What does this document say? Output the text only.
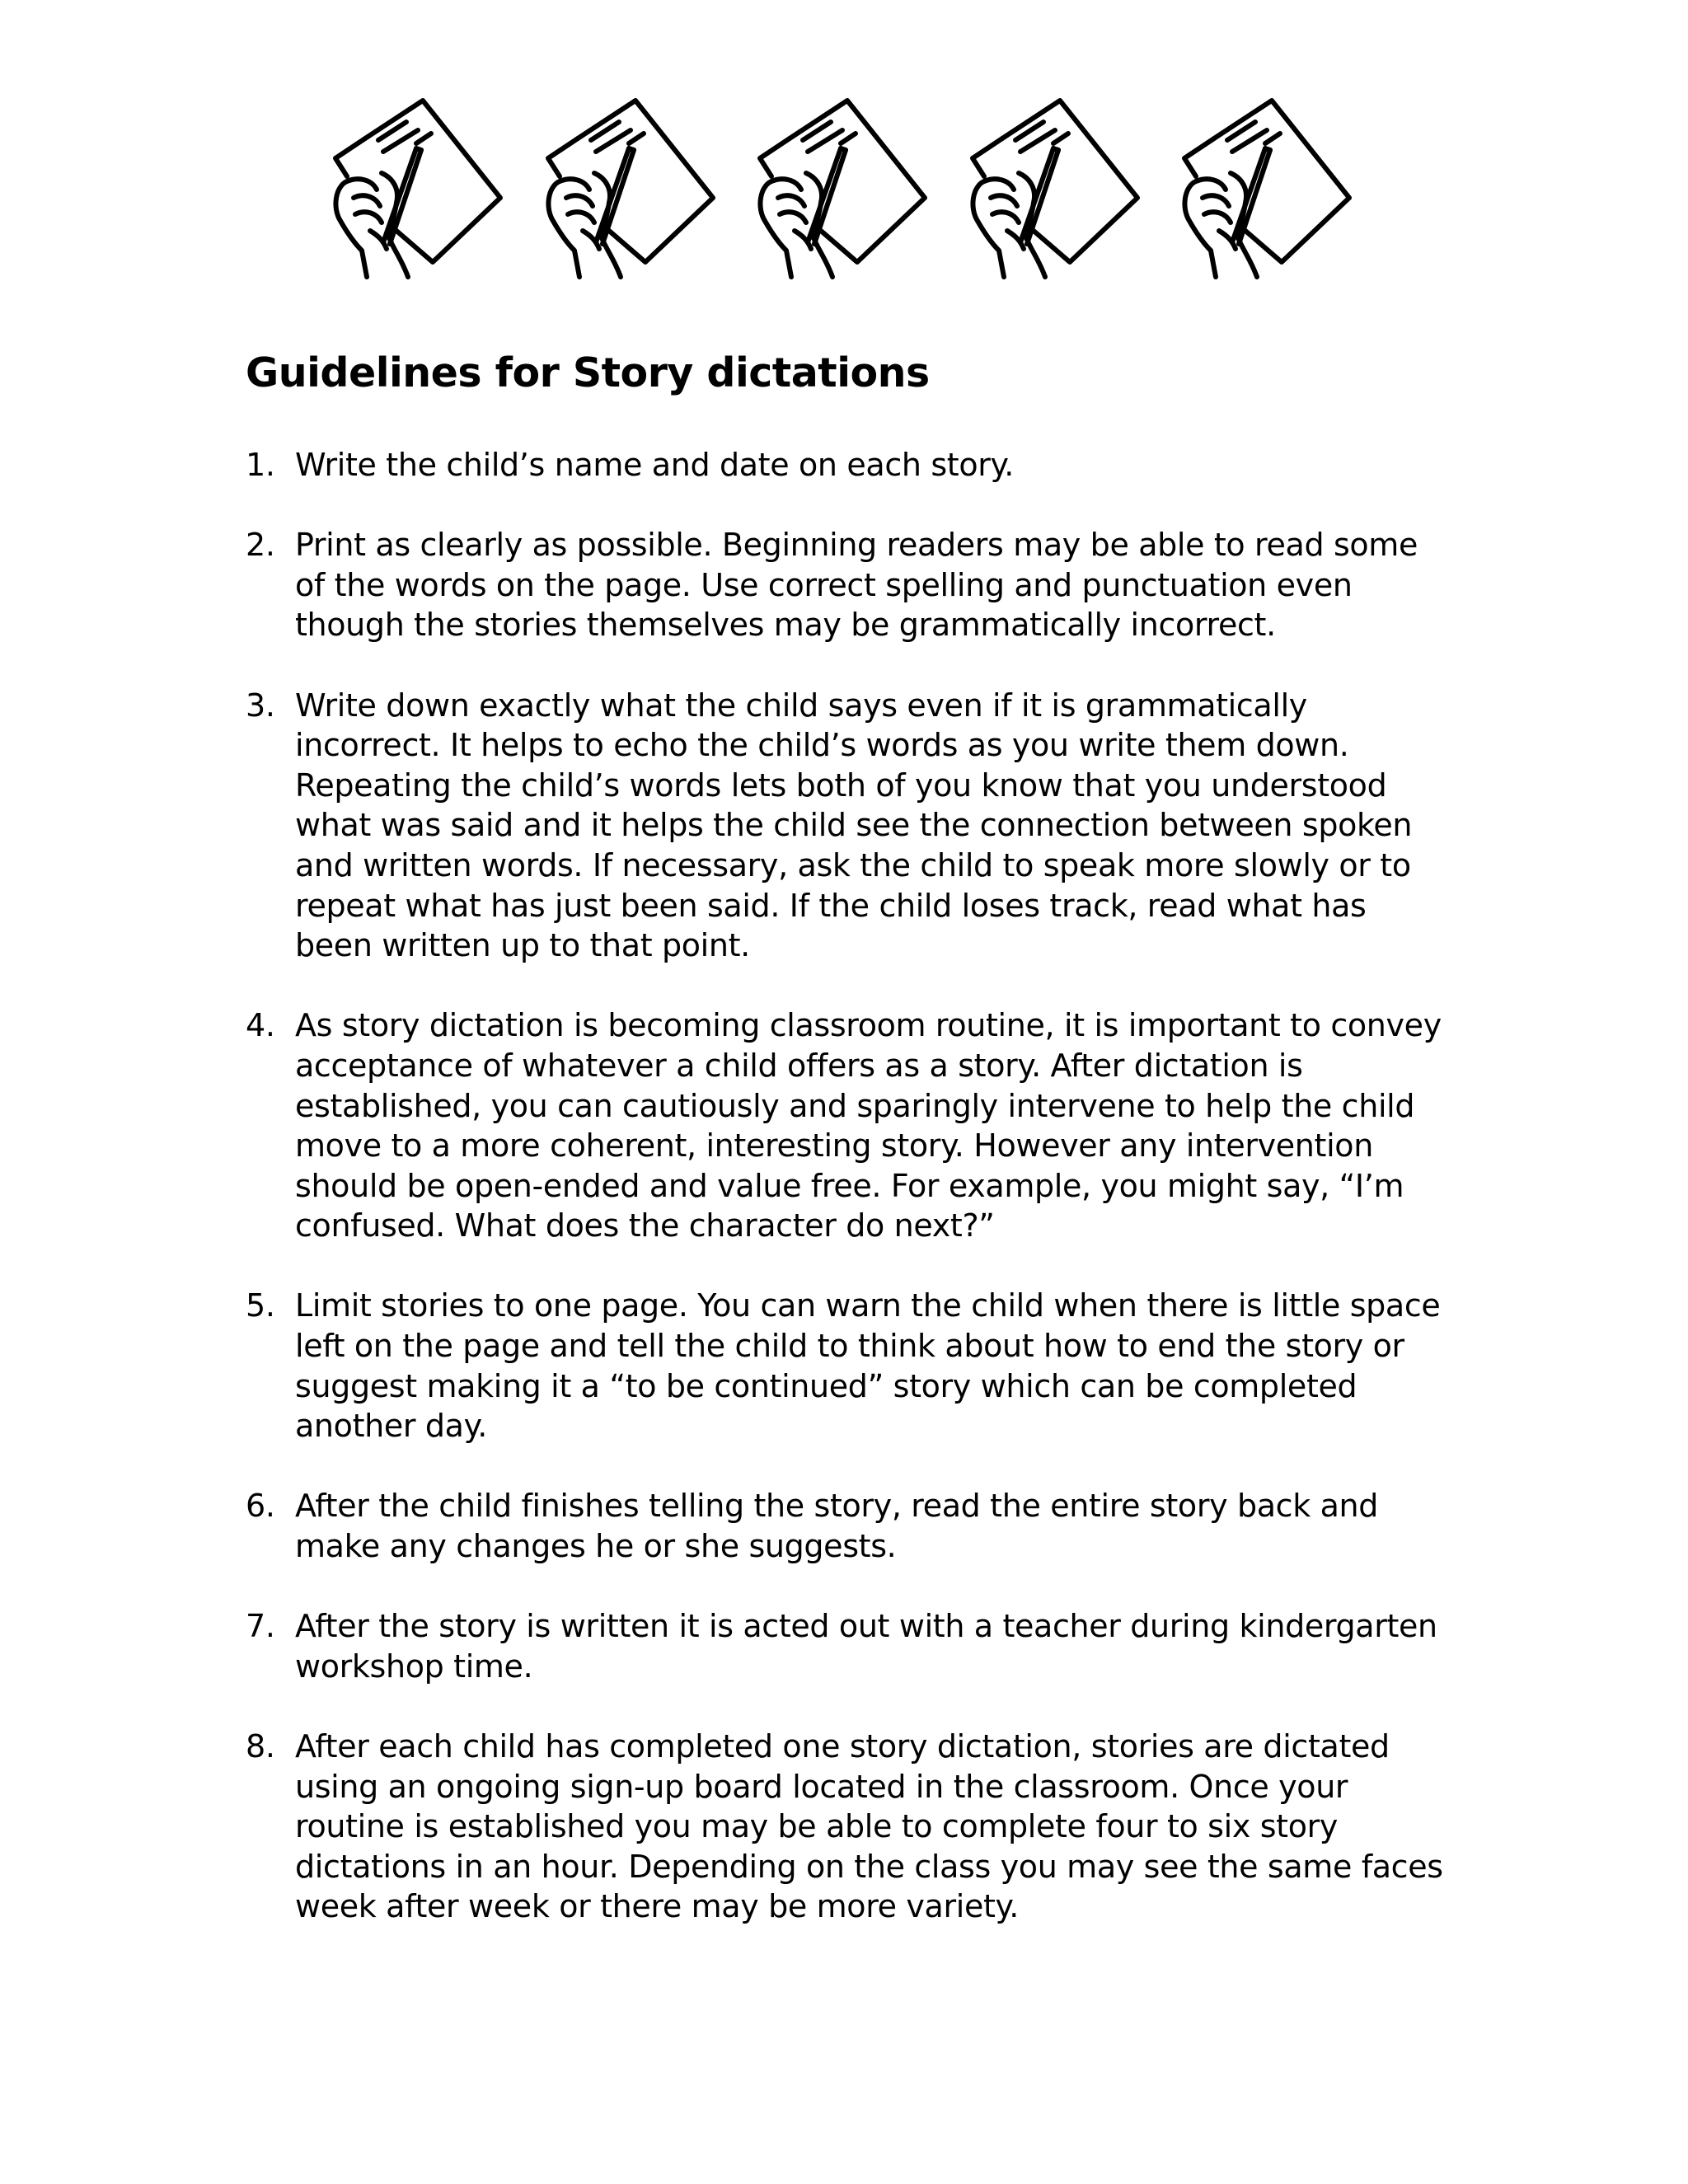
Guidelines for Story dictations
1. Write the child’s name and date on each story.
2. Print as clearly as possible. Beginning readers may be able to read some of the words on the page. Use correct spelling and punctuation even though the stories themselves may be grammatically incorrect.
3. Write down exactly what the child says even if it is grammatically incorrect. It helps to echo the child’s words as you write them down. Repeating the child’s words lets both of you know that you understood what was said and it helps the child see the connection between spoken and written words. If necessary, ask the child to speak more slowly or to repeat what has just been said. If the child loses track, read what has been written up to that point.
4. As story dictation is becoming classroom routine, it is important to convey acceptance of whatever a child offers as a story. After dictation is established, you can cautiously and sparingly intervene to help the child move to a more coherent, interesting story. However any intervention should be open-ended and value free. For example, you might say, “I’m confused. What does the character do next?”
5. Limit stories to one page. You can warn the child when there is little space left on the page and tell the child to think about how to end the story or suggest making it a “to be continued” story which can be completed another day.
6. After the child finishes telling the story, read the entire story back and make any changes he or she suggests.
7. After the story is written it is acted out with a teacher during kindergarten workshop time.
8. After each child has completed one story dictation, stories are dictated using an ongoing sign-up board located in the classroom. Once your routine is established you may be able to complete four to six story dictations in an hour. Depending on the class you may see the same faces week after week or there may be more variety.
